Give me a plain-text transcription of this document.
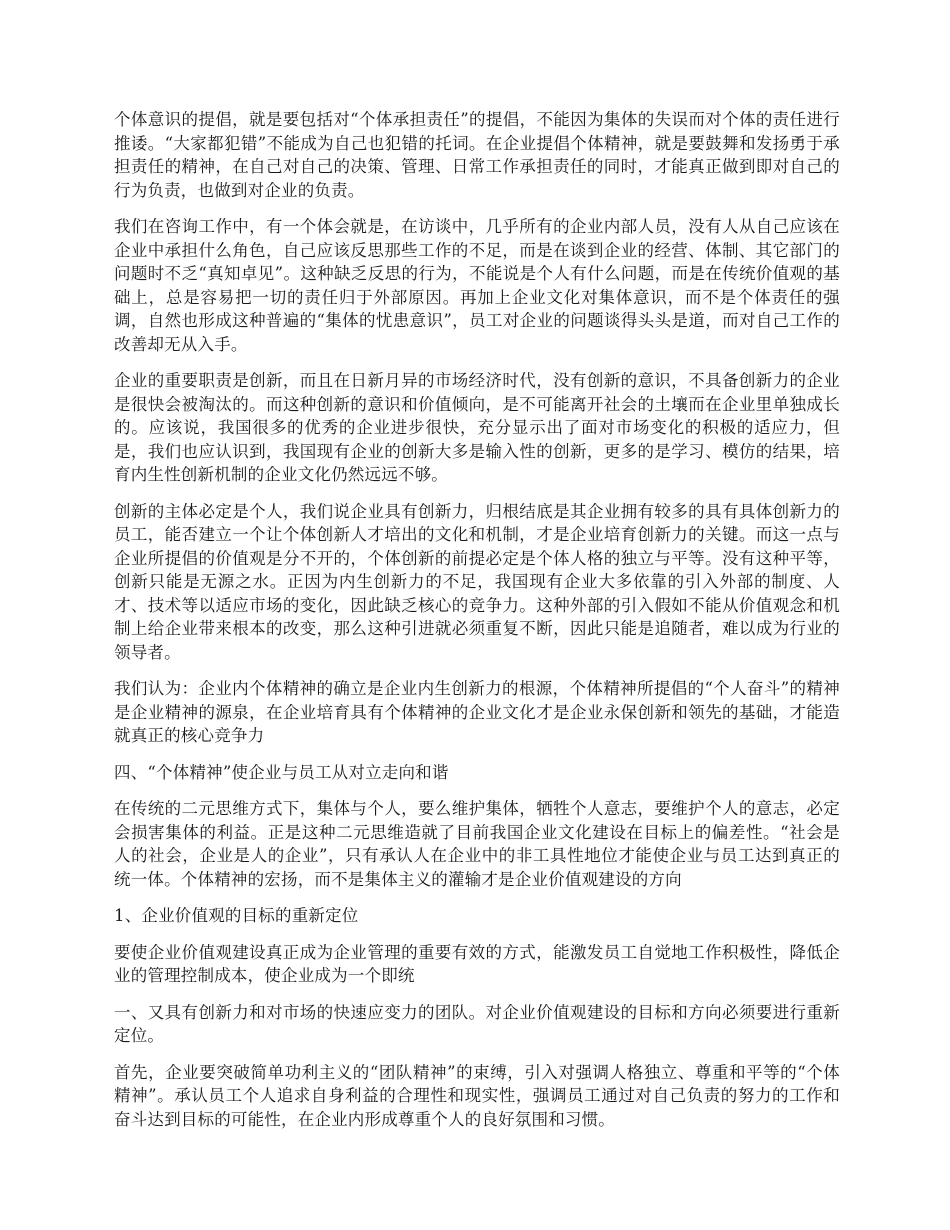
个体意识的提倡，就是要包括对“个体承担责任”的提倡，不能因为集体的失误而对个体的责任进行推诿。“大家都犯错”不能成为自己也犯错的托词。在企业提倡个体精神，就是要鼓舞和发扬勇于承担责任的精神，在自己对自己的决策、管理、日常工作承担责任的同时，才能真正做到即对自己的行为负责，也做到对企业的负责。

我们在咨询工作中，有一个体会就是，在访谈中，几乎所有的企业内部人员，没有人从自己应该在企业中承担什么角色，自己应该反思那些工作的不足，而是在谈到企业的经营、体制、其它部门的问题时不乏“真知卓见”。这种缺乏反思的行为，不能说是个人有什么问题，而是在传统价值观的基础上，总是容易把一切的责任归于外部原因。再加上企业文化对集体意识，而不是个体责任的强调，自然也形成这种普遍的“集体的忧患意识”，员工对企业的问题谈得头头是道，而对自己工作的改善却无从入手。

企业的重要职责是创新，而且在日新月异的市场经济时代，没有创新的意识，不具备创新力的企业是很快会被淘汰的。而这种创新的意识和价值倾向，是不可能离开社会的土壤而在企业里单独成长的。应该说，我国很多的优秀的企业进步很快，充分显示出了面对市场变化的积极的适应力，但是，我们也应认识到，我国现有企业的创新大多是输入性的创新，更多的是学习、模仿的结果，培育内生性创新机制的企业文化仍然远远不够。

创新的主体必定是个人，我们说企业具有创新力，归根结底是其企业拥有较多的具有具体创新力的员工，能否建立一个让个体创新人才培出的文化和机制，才是企业培育创新力的关键。而这一点与企业所提倡的价值观是分不开的，个体创新的前提必定是个体人格的独立与平等。没有这种平等，创新只能是无源之水。正因为内生创新力的不足，我国现有企业大多依靠的引入外部的制度、人才、技术等以适应市场的变化，因此缺乏核心的竞争力。这种外部的引入假如不能从价值观念和机制上给企业带来根本的改变，那么这种引进就必须重复不断，因此只能是追随者，难以成为行业的领导者。

我们认为：企业内个体精神的确立是企业内生创新力的根源，个体精神所提倡的“个人奋斗”的精神是企业精神的源泉，在企业培育具有个体精神的企业文化才是企业永保创新和领先的基础，才能造就真正的核心竞争力

四、“个体精神”使企业与员工从对立走向和谐

在传统的二元思维方式下，集体与个人，要么维护集体，牺牲个人意志，要维护个人的意志，必定会损害集体的利益。正是这种二元思维造就了目前我国企业文化建设在目标上的偏差性。“社会是人的社会，企业是人的企业”，只有承认人在企业中的非工具性地位才能使企业与员工达到真正的统一体。个体精神的宏扬，而不是集体主义的灌输才是企业价值观建设的方向

1、企业价值观的目标的重新定位

要使企业价值观建设真正成为企业管理的重要有效的方式，能激发员工自觉地工作积极性，降低企业的管理控制成本，使企业成为一个即统

一、又具有创新力和对市场的快速应变力的团队。对企业价值观建设的目标和方向必须要进行重新定位。

首先，企业要突破简单功利主义的“团队精神”的束缚，引入对强调人格独立、尊重和平等的“个体精神”。承认员工个人追求自身利益的合理性和现实性，强调员工通过对自己负责的努力的工作和奋斗达到目标的可能性，在企业内形成尊重个人的良好氛围和习惯。
